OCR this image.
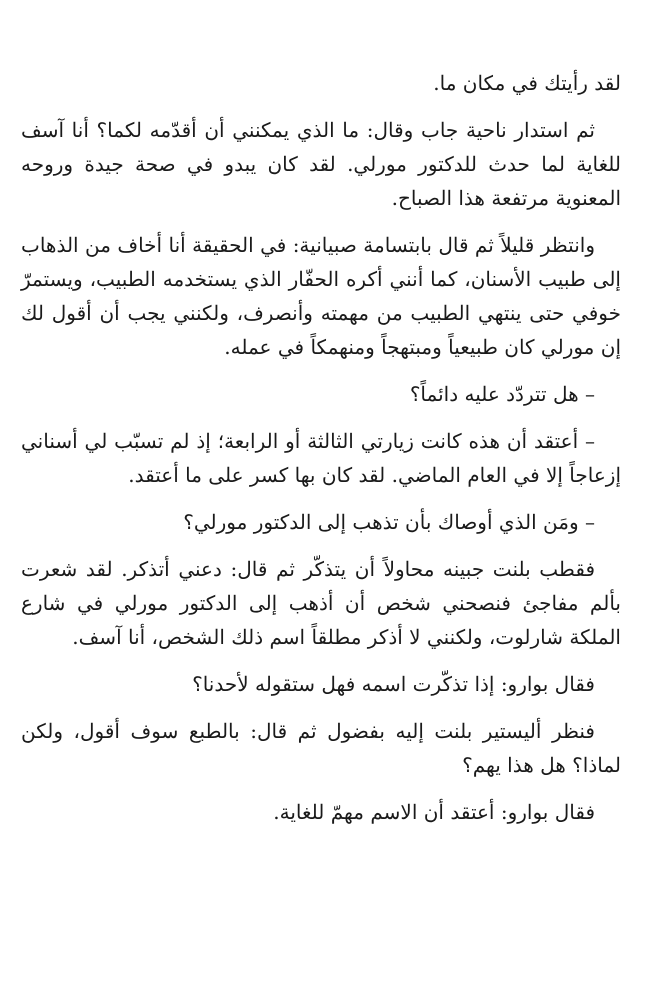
لقد رأيتك في مكان ما.

ثم استدار ناحية جاب وقال: ما الذي يمكنني أن أقدّمه لكما؟ أنا آسف للغاية لما حدث للدكتور مورلي. لقد كان يبدو في صحة جيدة وروحه المعنوية مرتفعة هذا الصباح.

وانتظر قليلاً ثم قال بابتسامة صبيانية: في الحقيقة أنا أخاف من الذهاب إلى طبيب الأسنان، كما أنني أكره الحفّار الذي يستخدمه الطبيب، ويستمرّ خوفي حتى ينتهي الطبيب من مهمته وأنصرف، ولكنني يجب أن أقول لك إن مورلي كان طبيعياً ومبتهجاً ومنهمكاً في عمله.

– هل تتردّد عليه دائماً؟

– أعتقد أن هذه كانت زيارتي الثالثة أو الرابعة؛ إذ لم تسبّب لي أسناني إزعاجاً إلا في العام الماضي. لقد كان بها كسر على ما أعتقد.

– ومَن الذي أوصاك بأن تذهب إلى الدكتور مورلي؟

فقطب بلنت جبينه محاولاً أن يتذكّر ثم قال: دعني أتذكر. لقد شعرت بألم مفاجئ فنصحني شخص أن أذهب إلى الدكتور مورلي في شارع الملكة شارلوت، ولكنني لا أذكر مطلقاً اسم ذلك الشخص، أنا آسف.

فقال بوارو: إذا تذكّرت اسمه فهل ستقوله لأحدنا؟

فنظر أليستير بلنت إليه بفضول ثم قال: بالطبع سوف أقول، ولكن لماذا؟ هل هذا يهم؟

فقال بوارو: أعتقد أن الاسم مهمّ للغاية.
